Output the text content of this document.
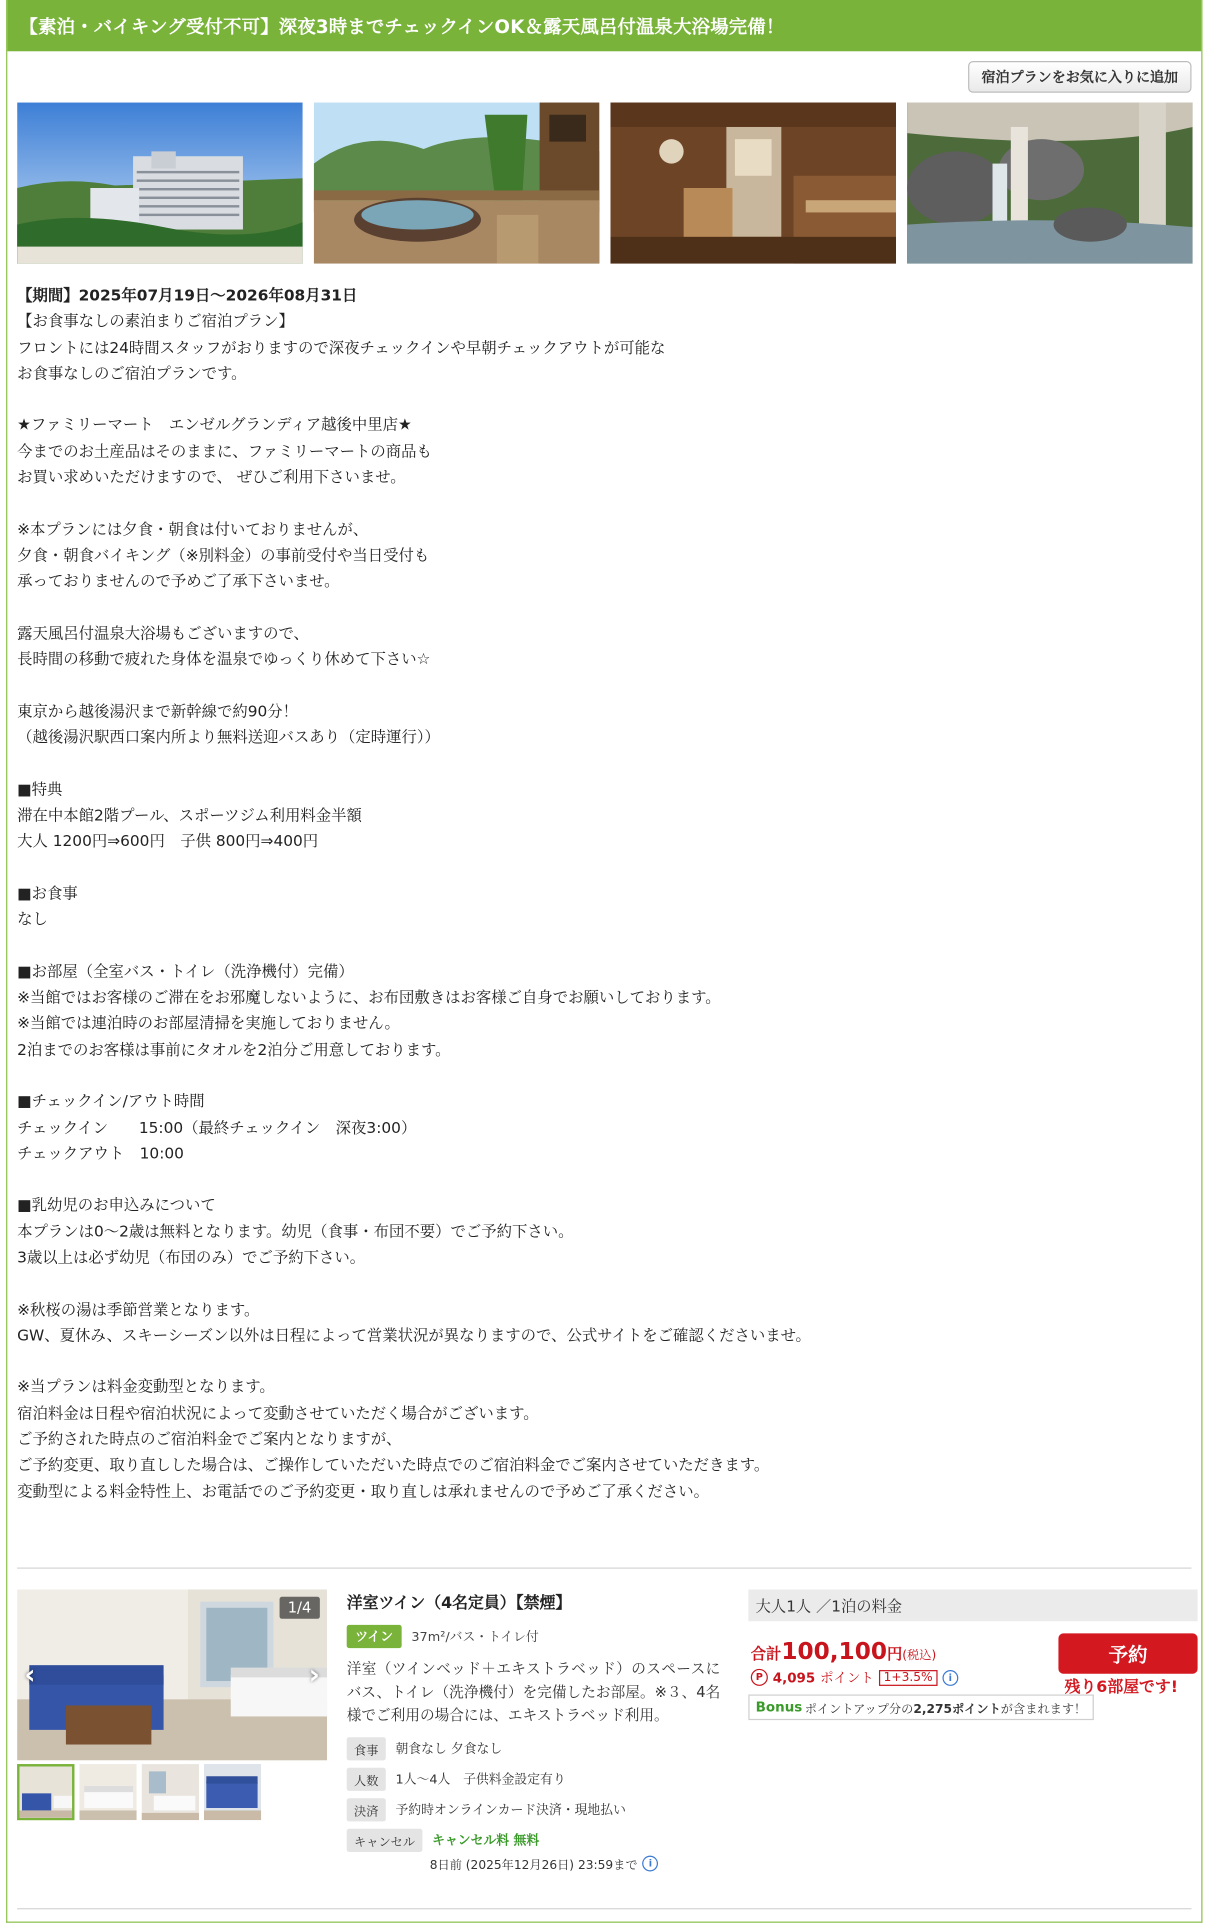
【素泊・バイキング受付不可】深夜3時までチェックインOK＆露天風呂付温泉大浴場完備！
宿泊プランをお気に入りに追加
【期間】2025年07月19日～2026年08月31日
【お食事なしの素泊まりご宿泊プラン】
フロントには24時間スタッフがおりますので深夜チェックインや早朝チェックアウトが可能な
お食事なしのご宿泊プランです。

★ファミリーマート　エンゼルグランディア越後中里店★
今までのお土産品はそのままに、ファミリーマートの商品も
お買い求めいただけますので、 ぜひご利用下さいませ。

※本プランには夕食・朝食は付いておりませんが、
夕食・朝食バイキング（※別料金）の事前受付や当日受付も
承っておりませんので予めご了承下さいませ。

露天風呂付温泉大浴場もございますので、
長時間の移動で疲れた身体を温泉でゆっくり休めて下さい☆

東京から越後湯沢まで新幹線で約90分！
（越後湯沢駅西口案内所より無料送迎バスあり（定時運行））

■特典
滞在中本館2階プール、スポーツジム利用料金半額
大人 1200円⇒600円　子供 800円⇒400円

■お食事
なし

■お部屋（全室バス・トイレ（洗浄機付）完備）
※当館ではお客様のご滞在をお邪魔しないように、お布団敷きはお客様ご自身でお願いしております。
※当館では連泊時のお部屋清掃を実施しておりません。
2泊までのお客様は事前にタオルを2泊分ご用意しております。

■チェックイン/アウト時間
チェックイン　　15:00（最終チェックイン　深夜3:00）
チェックアウト　10:00

■乳幼児のお申込みについて
本プランは0～2歳は無料となります。幼児（食事・布団不要）でご予約下さい。
3歳以上は必ず幼児（布団のみ）でご予約下さい。

※秋桜の湯は季節営業となります。
GW、夏休み、スキーシーズン以外は日程によって営業状況が異なりますので、公式サイトをご確認くださいませ。

※当プランは料金変動型となります。
宿泊料金は日程や宿泊状況によって変動させていただく場合がございます。
ご予約された時点のご宿泊料金でご案内となりますが、
ご予約変更、取り直しした場合は、ご操作していただいた時点でのご宿泊料金でご案内させていただきます。
変動型による料金特性上、お電話でのご予約変更・取り直しは承れませんので予めご了承ください。
1/4
‹	›
洋室ツイン（4名定員）【禁煙】
ツイン	37m²/バス・トイレ付
洋室（ツインベッド＋エキストラベッド）のスペースにバス、トイレ（洗浄機付）を完備したお部屋。※３、4名様でご利用の場合には、エキストラベッド利用。
食事	朝食なし 夕食なし
人数	1人～4人　子供料金設定有り
決済	予約時オンラインカード決済・現地払い
キャンセル	キャンセル料 無料
8日前 (2025年12月26日) 23:59まで	i
大人1人 ／1泊の料金
合計 100,100 円 (税込)
P 4,095 ポイント 1+3.5%	i
Bonus ポイントアップ分の 2,275ポイント が含まれます！
予約
残り6部屋です!
